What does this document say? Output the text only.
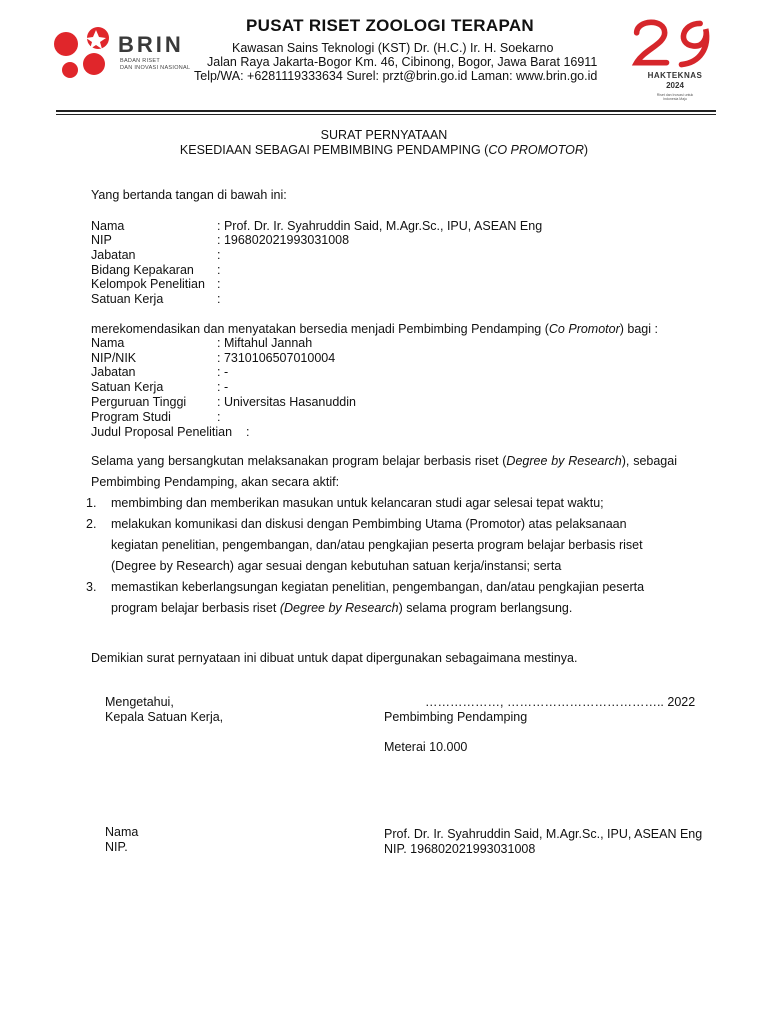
BRIN
BADAN RISET
DAN INOVASI NASIONAL
PUSAT RISET ZOOLOGI TERAPAN
Kawasan Sains Teknologi (KST) Dr. (H.C.) Ir. H. Soekarno
Jalan Raya Jakarta-Bogor Km. 46, Cibinong, Bogor, Jawa Barat 16911
Telp/WA: +6281119333634 Surel: przt@brin.go.id Laman: www.brin.go.id	HAKTEKNAS
2024
Riset dan Inovasi untuk
Indonesia Maju
SURAT PERNYATAAN
KESEDIAAN SEBAGAI PEMBIMBING PENDAMPING (CO PROMOTOR)
Yang bertanda tangan di bawah ini:
Nama	: Prof. Dr. Ir. Syahruddin Said, M.Agr.Sc., IPU, ASEAN Eng
NIP	: 196802021993031008
Jabatan	:
Bidang Kepakaran :
Kelompok Penelitian :
Satuan Kerja	:
merekomendasikan dan menyatakan bersedia menjadi Pembimbing Pendamping (Co Promotor) bagi :
Nama	: Miftahul Jannah
NIP/NIK	: 7310106507010004
Jabatan	: -
Satuan Kerja	: -
Perguruan Tinggi : Universitas Hasanuddin
Program Studi	:
Judul Proposal Penelitian :
Selama yang bersangkutan melaksanakan program belajar berbasis riset (Degree by Research), sebagai Pembimbing Pendamping, akan secara aktif:
1. membimbing dan memberikan masukan untuk kelancaran studi agar selesai tepat waktu;
2. melakukan komunikasi dan diskusi dengan Pembimbing Utama (Promotor) atas pelaksanaan kegiatan penelitian, pengembangan, dan/atau pengkajian peserta program belajar berbasis riset (Degree by Research) agar sesuai dengan kebutuhan satuan kerja/instansi; serta
3. memastikan keberlangsungan kegiatan penelitian, pengembangan, dan/atau pengkajian peserta program belajar berbasis riset (Degree by Research) selama program berlangsung.
Demikian surat pernyataan ini dibuat untuk dapat dipergunakan sebagaimana mestinya.
Mengetahui,	………………, ……………………………….. 2022
Kepala Satuan Kerja,	Pembimbing Pendamping
Meterai 10.000
Nama	Prof. Dr. Ir. Syahruddin Said, M.Agr.Sc., IPU, ASEAN Eng
NIP.	NIP. 196802021993031008
